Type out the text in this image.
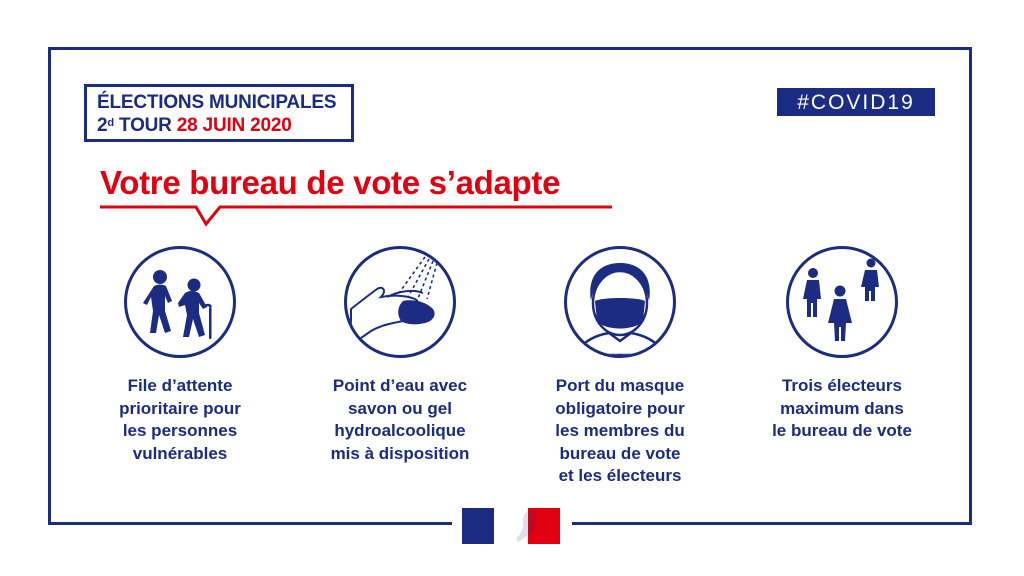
ÉLECTIONS MUNICIPALES
2$^d$ TOUR 28 JUIN 2020
#COVID19
Votre bureau de vote s’adapte
File d’attente
prioritaire pour
les personnes
vulnérables
Point d’eau avec
savon ou gel
hydroalcoolique
mis à disposition
Port du masque
obligatoire pour
les membres du
bureau de vote
et les électeurs
Trois électeurs
maximum dans
le bureau de vote
